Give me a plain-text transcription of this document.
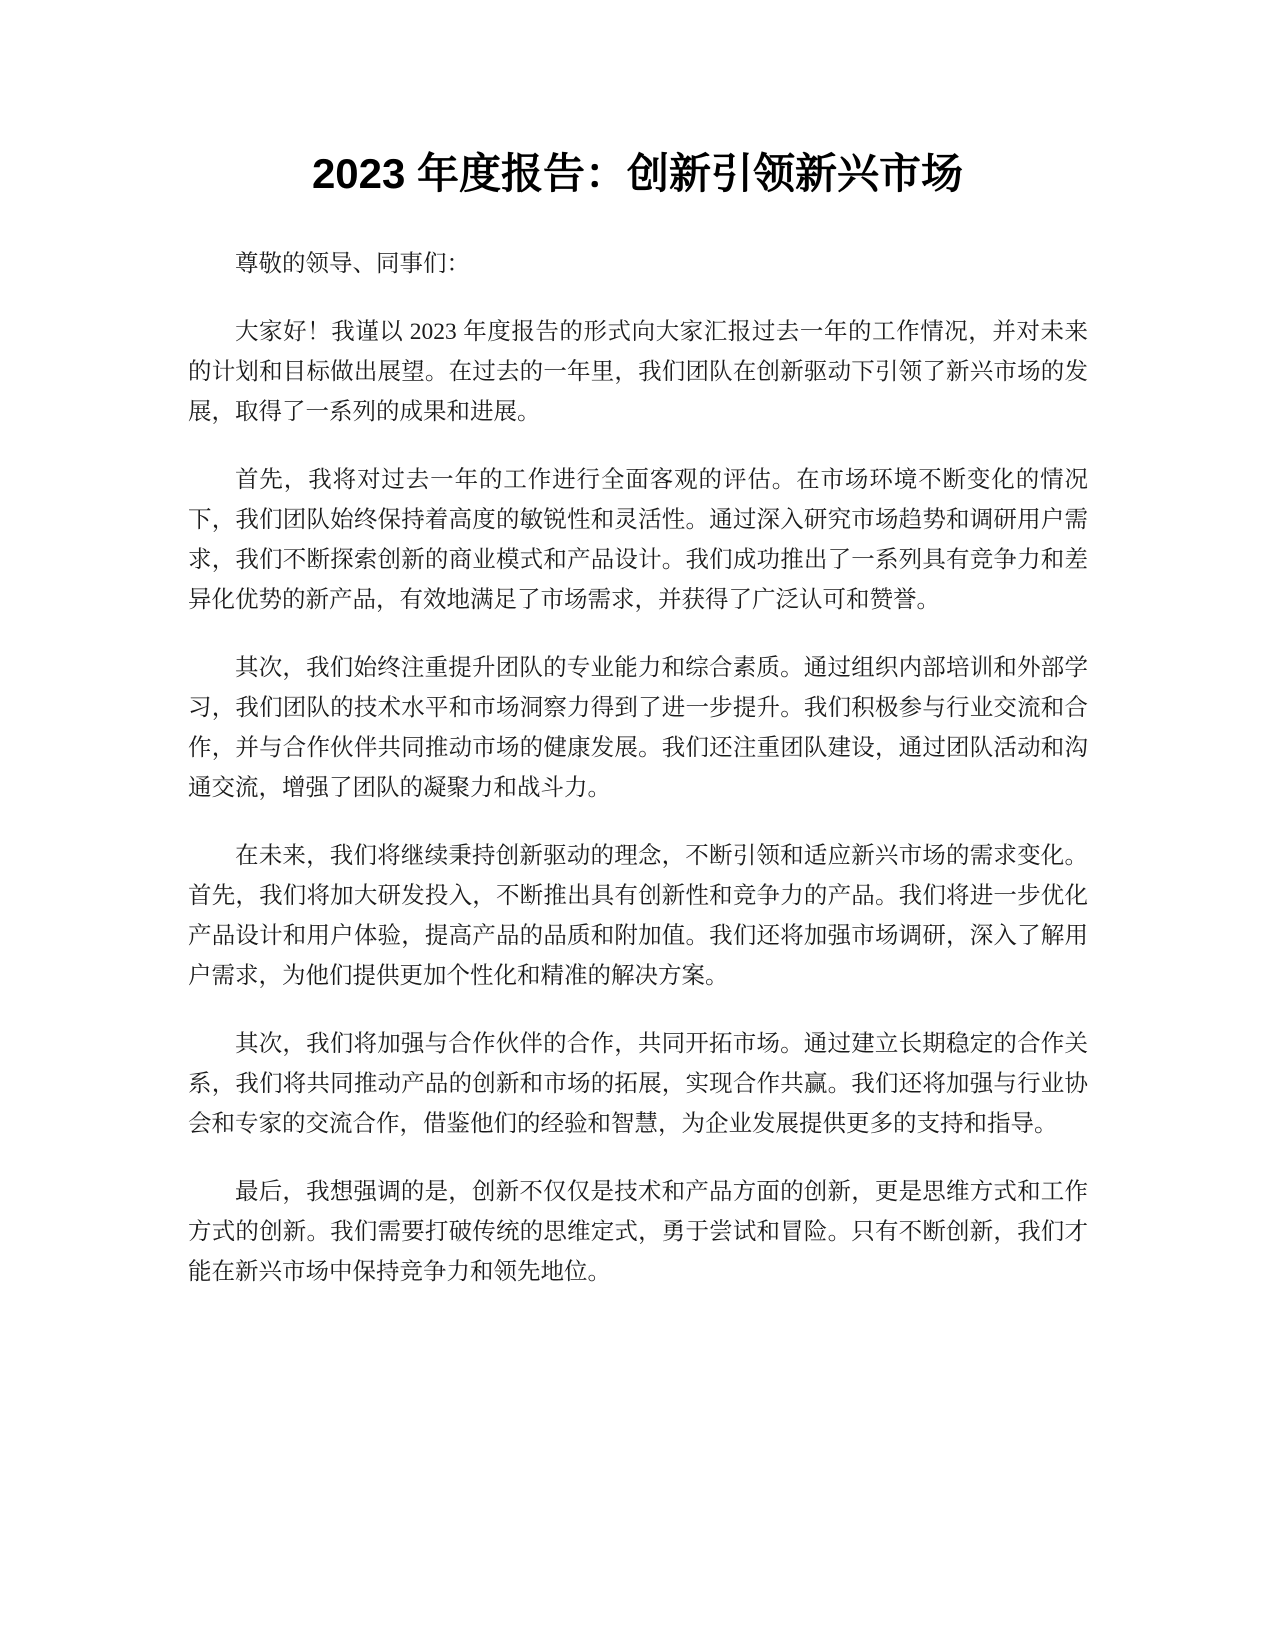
2023 年度报告：创新引领新兴市场

尊敬的领导、同事们：

大家好！我谨以 2023 年度报告的形式向大家汇报过去一年的工作情况，并对未来的计划和目标做出展望。在过去的一年里，我们团队在创新驱动下引领了新兴市场的发展，取得了一系列的成果和进展。

首先，我将对过去一年的工作进行全面客观的评估。在市场环境不断变化的情况下，我们团队始终保持着高度的敏锐性和灵活性。通过深入研究市场趋势和调研用户需求，我们不断探索创新的商业模式和产品设计。我们成功推出了一系列具有竞争力和差异化优势的新产品，有效地满足了市场需求，并获得了广泛认可和赞誉。

其次，我们始终注重提升团队的专业能力和综合素质。通过组织内部培训和外部学习，我们团队的技术水平和市场洞察力得到了进一步提升。我们积极参与行业交流和合作，并与合作伙伴共同推动市场的健康发展。我们还注重团队建设，通过团队活动和沟通交流，增强了团队的凝聚力和战斗力。

在未来，我们将继续秉持创新驱动的理念，不断引领和适应新兴市场的需求变化。首先，我们将加大研发投入，不断推出具有创新性和竞争力的产品。我们将进一步优化产品设计和用户体验，提高产品的品质和附加值。我们还将加强市场调研，深入了解用户需求，为他们提供更加个性化和精准的解决方案。

其次，我们将加强与合作伙伴的合作，共同开拓市场。通过建立长期稳定的合作关系，我们将共同推动产品的创新和市场的拓展，实现合作共赢。我们还将加强与行业协会和专家的交流合作，借鉴他们的经验和智慧，为企业发展提供更多的支持和指导。

最后，我想强调的是，创新不仅仅是技术和产品方面的创新，更是思维方式和工作方式的创新。我们需要打破传统的思维定式，勇于尝试和冒险。只有不断创新，我们才能在新兴市场中保持竞争力和领先地位。
